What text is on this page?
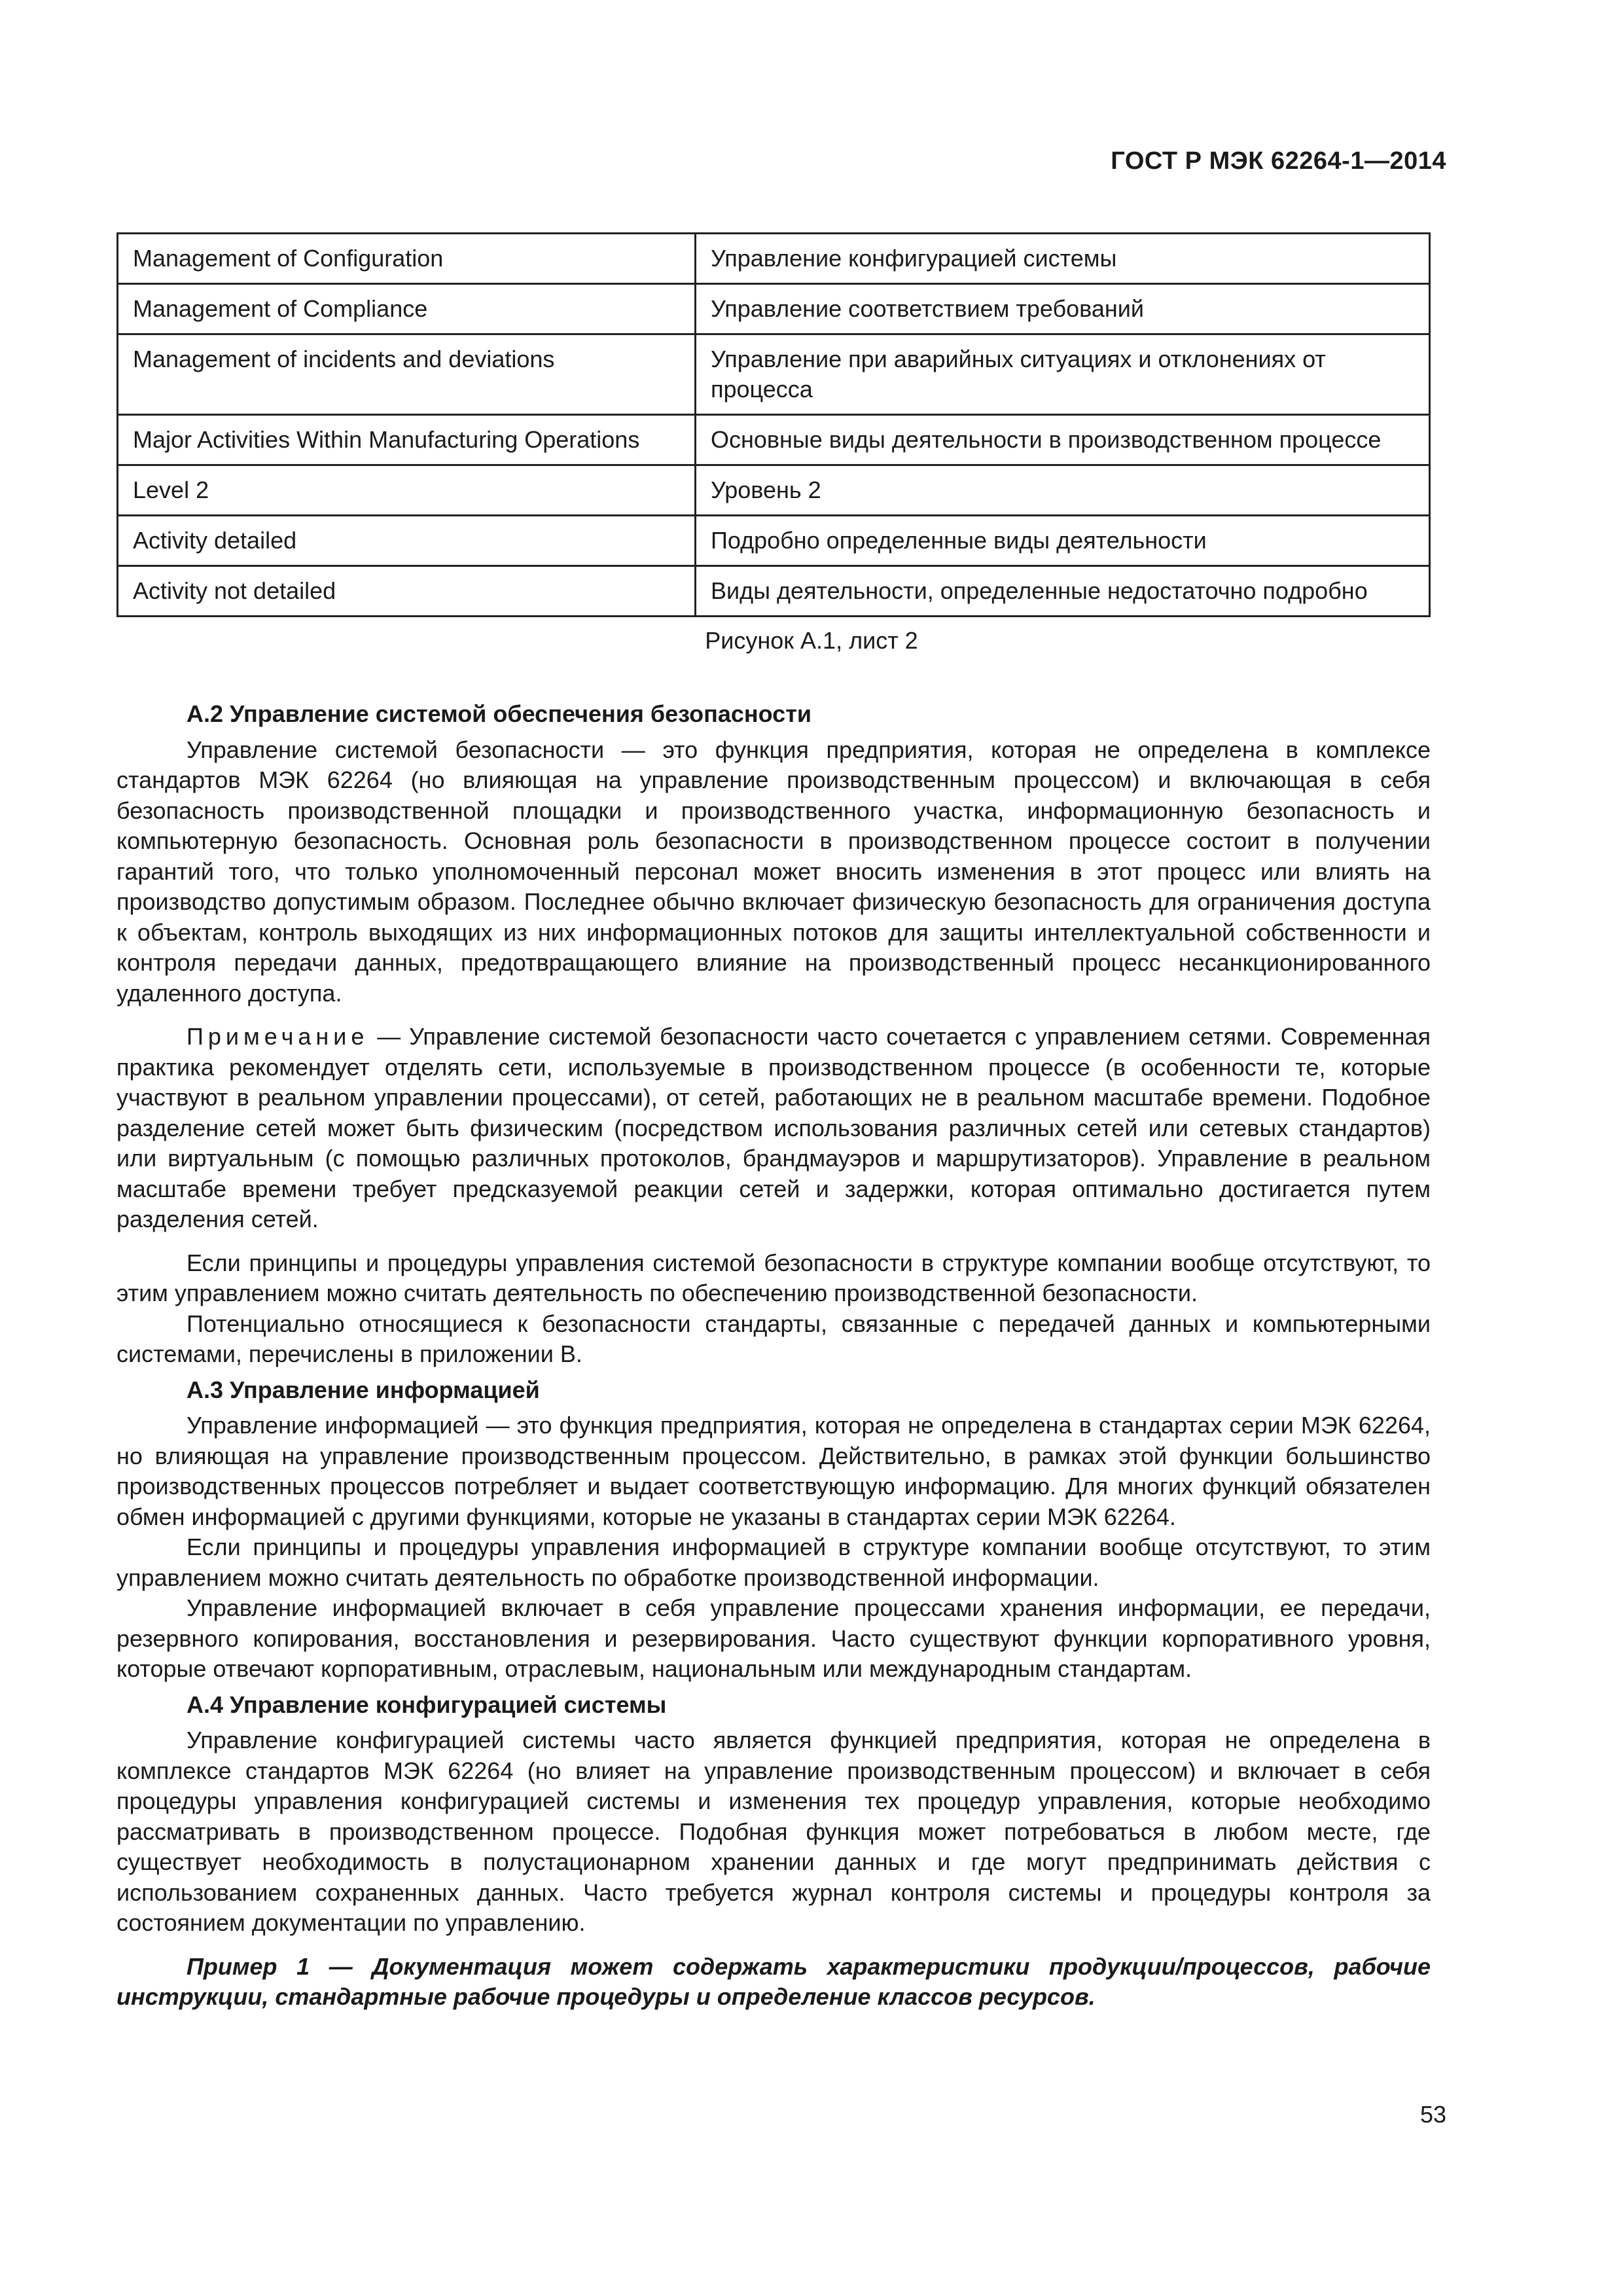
ГОСТ Р МЭК 62264-1—2014
Management of Configuration	Управление конфигурацией системы
Management of Compliance	Управление соответствием требований
Management of incidents and deviations	Управление при аварийных ситуациях и отклонениях от процесса
Major Activities Within Manufacturing Operations	Основные виды деятельности в производственном процессе
Level 2	Уровень 2
Activity detailed	Подробно определенные виды деятельности
Activity not detailed	Виды деятельности, определенные недостаточно подробно
Рисунок А.1, лист 2

А.2 Управление системой обеспечения безопасности

Управление системой безопасности — это функция предприятия, которая не определена в комплексе стандартов МЭК 62264 (но влияющая на управление производственным процессом) и включающая в себя безопасность производственной площадки и производственного участка, информационную безопасность и компьютерную безопасность. Основная роль безопасности в производственном процессе состоит в получении гарантий того, что только уполномоченный персонал может вносить изменения в этот процесс или влиять на производство допустимым образом. Последнее обычно включает физическую безопасность для ограничения доступа к объектам, контроль выходящих из них информационных потоков для защиты интеллектуальной собственности и контроля передачи данных, предотвращающего влияние на производственный процесс несанкционированного удаленного доступа.

Примечание — Управление системой безопасности часто сочетается с управлением сетями. Современная практика рекомендует отделять сети, используемые в производственном процессе (в особенности те, которые участвуют в реальном управлении процессами), от сетей, работающих не в реальном масштабе времени. Подобное разделение сетей может быть физическим (посредством использования различных сетей или сетевых стандартов) или виртуальным (с помощью различных протоколов, брандмауэров и маршрутизаторов). Управление в реальном масштабе времени требует предсказуемой реакции сетей и задержки, которая оптимально достигается путем разделения сетей.

Если принципы и процедуры управления системой безопасности в структуре компании вообще отсутствуют, то этим управлением можно считать деятельность по обеспечению производственной безопасности.

Потенциально относящиеся к безопасности стандарты, связанные с передачей данных и компьютерными системами, перечислены в приложении В.

А.3 Управление информацией

Управление информацией — это функция предприятия, которая не определена в стандартах серии МЭК 62264, но влияющая на управление производственным процессом. Действительно, в рамках этой функции большинство производственных процессов потребляет и выдает соответствующую информацию. Для многих функций обязателен обмен информацией с другими функциями, которые не указаны в стандартах серии МЭК 62264.

Если принципы и процедуры управления информацией в структуре компании вообще отсутствуют, то этим управлением можно считать деятельность по обработке производственной информации.

Управление информацией включает в себя управление процессами хранения информации, ее передачи, резервного копирования, восстановления и резервирования. Часто существуют функции корпоративного уровня, которые отвечают корпоративным, отраслевым, национальным или международным стандартам.

А.4 Управление конфигурацией системы

Управление конфигурацией системы часто является функцией предприятия, которая не определена в комплексе стандартов МЭК 62264 (но влияет на управление производственным процессом) и включает в себя процедуры управления конфигурацией системы и изменения тех процедур управления, которые необходимо рассматривать в производственном процессе. Подобная функция может потребоваться в любом месте, где существует необходимость в полустационарном хранении данных и где могут предпринимать действия с использованием сохраненных данных. Часто требуется журнал контроля системы и процедуры контроля за состоянием документации по управлению.

Пример 1 — Документация может содержать характеристики продукции/процессов, рабочие инструкции, стандартные рабочие процедуры и определение классов ресурсов.

53
